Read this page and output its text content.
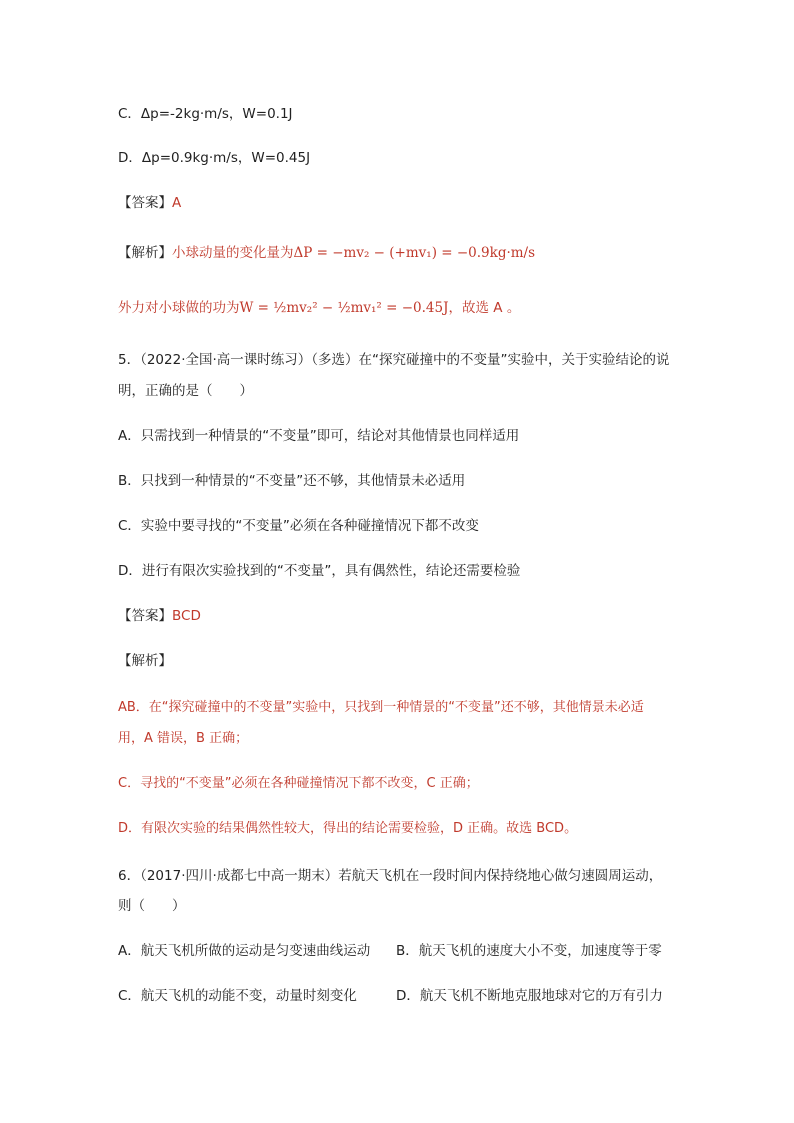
C．Δp=-2kg·m/s，W=0.1J
D．Δp=0.9kg·m/s，W=0.45J
【答案】A
【解析】小球动量的变化量为ΔP = −mv₂ − (+mv₁) = −0.9kg·m/s
外力对小球做的功为W = ½mv₂² − ½mv₁² = −0.45J，故选 A 。
5．（2022·全国·高一课时练习）（多选）在“探究碰撞中的不变量”实验中，关于实验结论的说
明，正确的是（　　）
A．只需找到一种情景的“不变量”即可，结论对其他情景也同样适用
B．只找到一种情景的“不变量”还不够，其他情景未必适用
C．实验中要寻找的“不变量”必须在各种碰撞情况下都不改变
D．进行有限次实验找到的“不变量”，具有偶然性，结论还需要检验
【答案】BCD
【解析】
AB．在“探究碰撞中的不变量”实验中，只找到一种情景的“不变量”还不够，其他情景未必适
用，A 错误，B 正确；
C．寻找的“不变量”必须在各种碰撞情况下都不改变，C 正确；
D．有限次实验的结果偶然性较大，得出的结论需要检验，D 正确。故选 BCD。
6．（2017·四川·成都七中高一期末）若航天飞机在一段时间内保持绕地心做匀速圆周运动，
则（　　）
A．航天飞机所做的运动是匀变速曲线运动 B．航天飞机的速度大小不变，加速度等于零
C．航天飞机的动能不变，动量时刻变化	D．航天飞机不断地克服地球对它的万有引力
